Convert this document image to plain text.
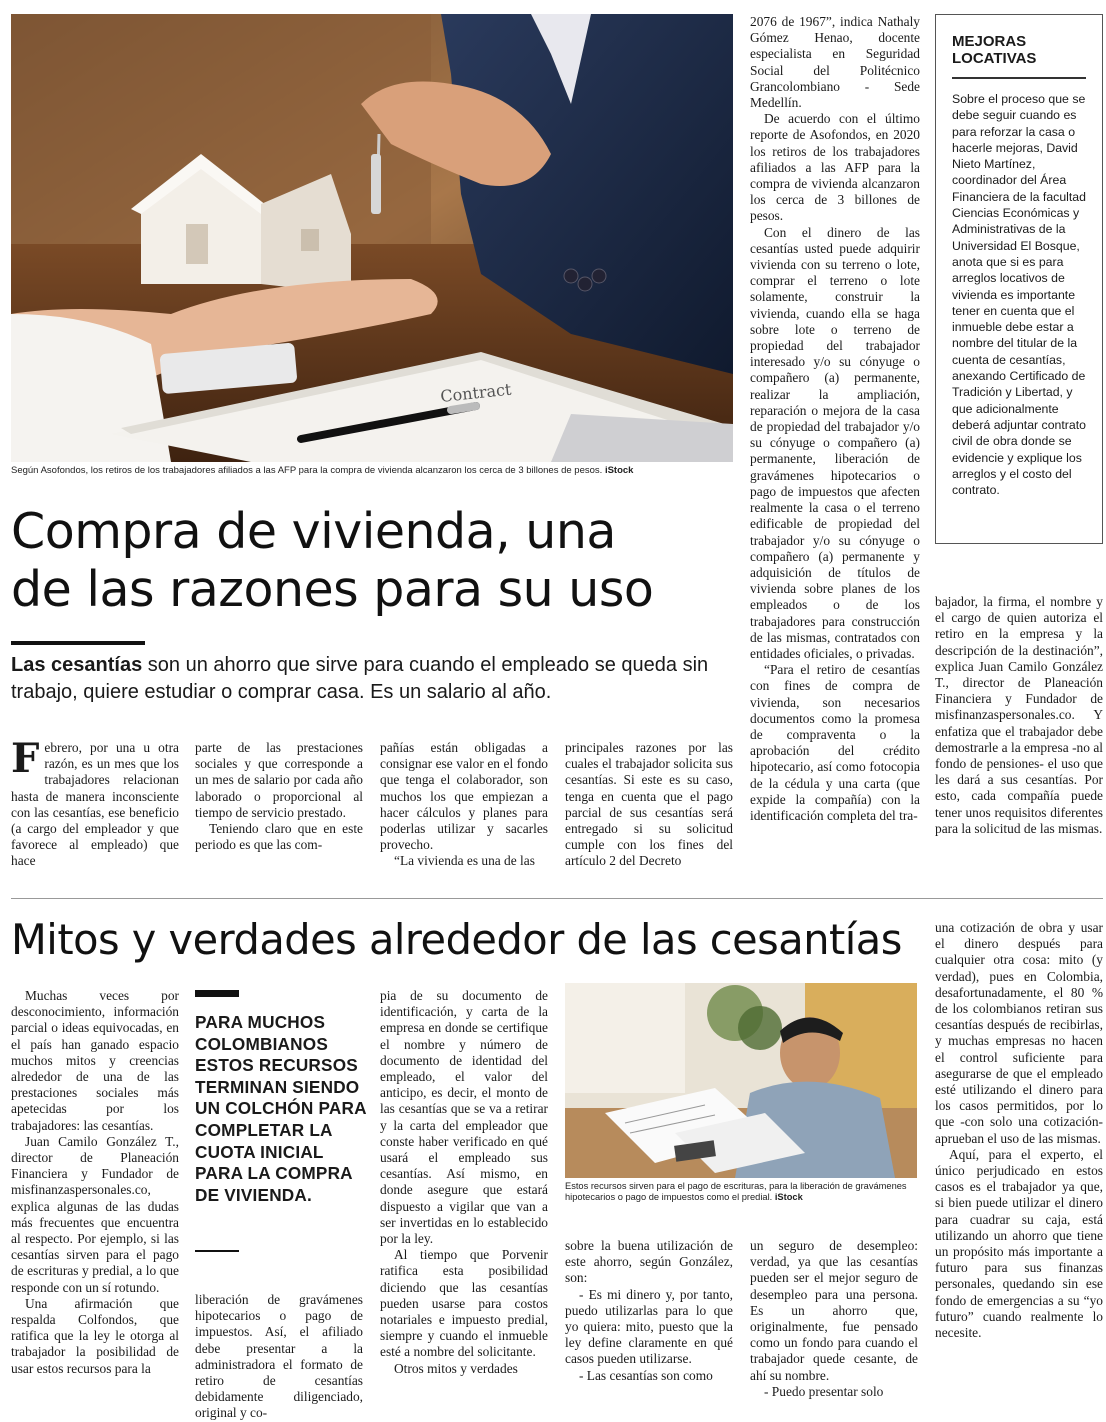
Contract
Según Asofondos, los retiros de los trabajadores afiliados a las AFP para la compra de vivienda alcanzaron los cerca de 3 billones de pesos. iStock
Compra de vivienda, una
de las razones para su uso
Las cesantías son un ahorro que sirve para cuando el empleado se queda sin trabajo, quiere estudiar o comprar casa. Es un salario al año.

Febrero, por una u otra razón, es un mes que los trabajadores relacionan hasta de manera inconsciente con las cesantías, ese beneficio (a cargo del empleador y que favorece al empleado) que hace

parte de las prestaciones sociales y que corresponde a un mes de salario por cada año laborado o proporcional al tiempo de servicio prestado.

Teniendo claro que en este periodo es que las com-

pañías están obligadas a consignar ese valor en el fondo que tenga el colaborador, son muchos los que empiezan a hacer cálculos y planes para poderlas utilizar y sacarles provecho.

“La vivienda es una de las

principales razones por las cuales el trabajador solicita sus cesantías. Si este es su caso, tenga en cuenta que el pago parcial de sus cesantías será entregado si su solicitud cumple con los fines del artículo 2 del Decreto

2076 de 1967”, indica Nathaly Gómez Henao, docente especialista en Seguridad Social del Politécnico Grancolombiano - Sede Medellín.

De acuerdo con el último reporte de Asofondos, en 2020 los retiros de los trabajadores afiliados a las AFP para la compra de vivienda alcanzaron los cerca de 3 billones de pesos.

Con el dinero de las cesantías usted puede adquirir vivienda con su terreno o lote, comprar el terreno o lote solamente, construir la vivienda, cuando ella se haga sobre lote o terreno de propiedad del trabajador interesado y/o su cónyuge o compañero (a) permanente, realizar la ampliación, reparación o mejora de la casa de propiedad del trabajador y/o su cónyuge o compañero (a) permanente, liberación de gravámenes hipotecarios o pago de impuestos que afecten realmente la casa o el terreno edificable de propiedad del trabajador y/o su cónyuge o compañero (a) permanente y adquisición de títulos de vivienda sobre planes de los empleados o de los trabajadores para construcción de las mismas, contratados con entidades oficiales, o privadas.

“Para el retiro de cesantías con fines de compra de vivienda, son necesarios documentos como la promesa de compraventa o la aprobación del crédito hipotecario, así como fotocopia de la cédula y una carta (que expide la compañía) con la identificación completa del tra-

bajador, la firma, el nombre y el cargo de quien autoriza el retiro en la empresa y la descripción de la destinación”, explica Juan Camilo González T., director de Planeación Financiera y Fundador de misfinanzaspersonales.co. Y enfatiza que el trabajador debe demostrarle a la empresa -no al fondo de pensiones- el uso que les dará a sus cesantías. Por esto, cada compañía puede tener unos requisitos diferentes para la solicitud de las mismas.

MEJORAS
LOCATIVAS
Sobre el proceso que se debe seguir cuando es para reforzar la casa o hacerle mejoras, David Nieto Martínez, coordinador del Área Financiera de la facultad Ciencias Económicas y Administrativas de la Universidad El Bosque, anota que si es para arreglos locativos de vivienda es importante tener en cuenta que el inmueble debe estar a nombre del titular de la cuenta de cesantías, anexando Certificado de Tradición y Libertad, y que adicionalmente deberá adjuntar contrato civil de obra donde se evidencie y explique los arreglos y el costo del contrato.
Mitos y verdades alrededor de las cesantías

Muchas veces por desconocimiento, información parcial o ideas equivocadas, en el país han ganado espacio muchos mitos y creencias alrededor de una de las prestaciones sociales más apetecidas por los trabajadores: las cesantías.

Juan Camilo González T., director de Planeación Financiera y Fundador de misfinanzaspersonales.co, explica algunas de las dudas más frecuentes que encuentra al respecto. Por ejemplo, si las cesantías sirven para el pago de escrituras y predial, a lo que responde con un sí rotundo.

Una afirmación que respalda Colfondos, que ratifica que la ley le otorga al trabajador la posibilidad de usar estos recursos para la

PARA MUCHOS COLOMBIANOS ESTOS RECURSOS TERMINAN SIENDO UN COLCHÓN PARA COMPLETAR LA CUOTA INICIAL PARA LA COMPRA DE VIVIENDA.

liberación de gravámenes hipotecarios o pago de impuestos. Así, el afiliado debe presentar a la administradora el formato de retiro de cesantías debidamente diligenciado, original y co-

pia de su documento de identificación, y carta de la empresa en donde se certifique el nombre y número de documento de identidad del empleado, el valor del anticipo, es decir, el monto de las cesantías que se va a retirar y la carta del empleador que conste haber verificado en qué usará el empleado sus cesantías. Así mismo, en donde asegure que estará dispuesto a vigilar que van a ser invertidas en lo establecido por la ley.

Al tiempo que Porvenir ratifica esta posibilidad diciendo que las cesantías pueden usarse para costos notariales e impuesto predial, siempre y cuando el inmueble esté a nombre del solicitante.

Otros mitos y verdades

Estos recursos sirven para el pago de escrituras, para la liberación de gravámenes hipotecarios o pago de impuestos como el predial. iStock

sobre la buena utilización de este ahorro, según González, son:

- Es mi dinero y, por tanto, puedo utilizarlas para lo que yo quiera: mito, puesto que la ley define claramente en qué casos pueden utilizarse.

- Las cesantías son como

un seguro de desempleo: verdad, ya que las cesantías pueden ser el mejor seguro de desempleo para una persona. Es un ahorro que, originalmente, fue pensado como un fondo para cuando el trabajador quede cesante, de ahí su nombre.

- Puedo presentar solo

una cotización de obra y usar el dinero después para cualquier otra cosa: mito (y verdad), pues en Colombia, desafortunadamente, el 80 % de los colombianos retiran sus cesantías después de recibirlas, y muchas empresas no hacen el control suficiente para asegurarse de que el empleado esté utilizando el dinero para los casos permitidos, por lo que -con solo una cotización- aprueban el uso de las mismas.

Aquí, para el experto, el único perjudicado en estos casos es el trabajador ya que, si bien puede utilizar el dinero para cuadrar su caja, está utilizando un ahorro que tiene un propósito más importante a futuro para sus finanzas personales, quedando sin ese fondo de emergencias a su “yo futuro” cuando realmente lo necesite.
